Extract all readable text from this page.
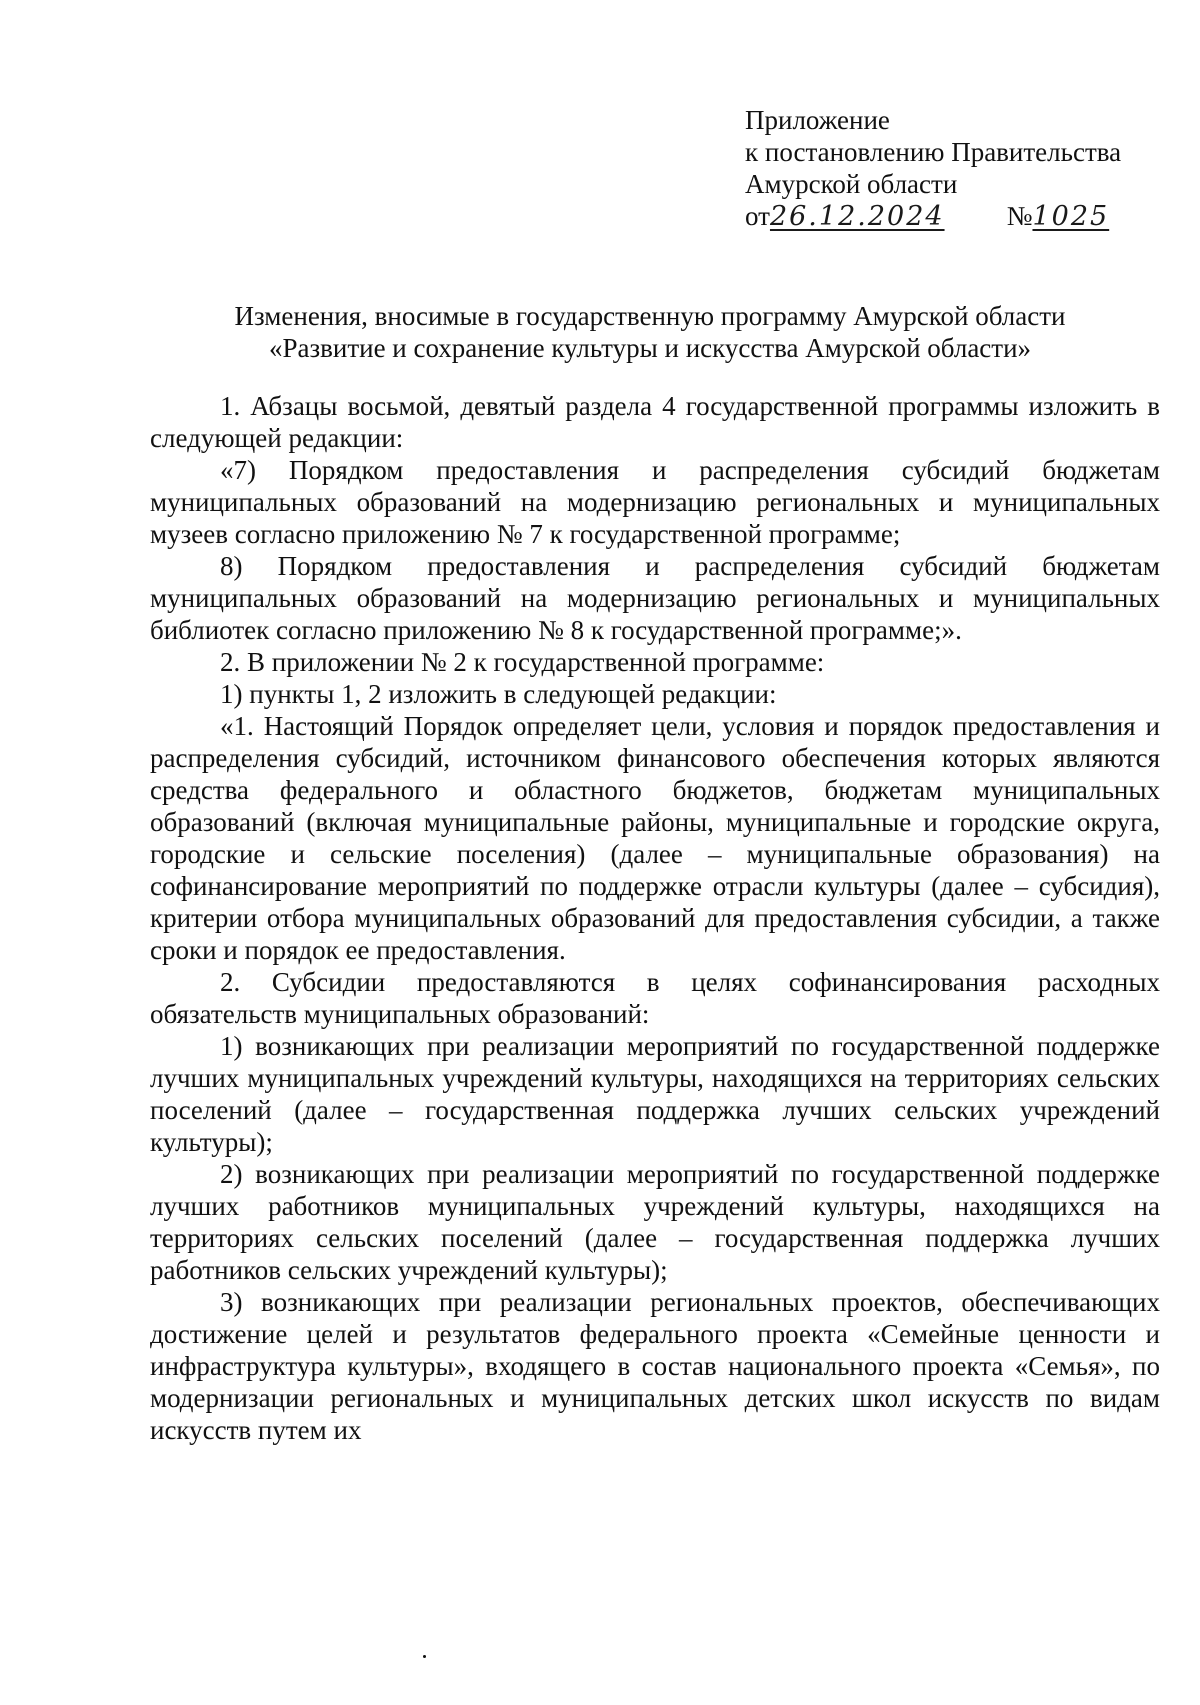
Приложение
к постановлению Правительства
Амурской области
от26.12.2024 №1025
Изменения, вносимые в государственную программу Амурской области
«Развитие и сохранение культуры и искусства Амурской области»

1. Абзацы восьмой, девятый раздела 4 государственной программы изложить в следующей редакции:

«7) Порядком предоставления и распределения субсидий бюджетам муниципальных образований на модернизацию региональных и муниципальных музеев согласно приложению № 7 к государственной программе;

8) Порядком предоставления и распределения субсидий бюджетам муниципальных образований на модернизацию региональных и муниципальных библиотек согласно приложению № 8 к государственной программе;».

2. В приложении № 2 к государственной программе:

1) пункты 1, 2 изложить в следующей редакции:

«1. Настоящий Порядок определяет цели, условия и порядок предоставления и распределения субсидий, источником финансового обеспечения которых являются средства федерального и областного бюджетов, бюджетам муниципальных образований (включая муниципальные районы, муниципальные и городские округа, городские и сельские поселения) (далее – муниципальные образования) на софинансирование мероприятий по поддержке отрасли культуры (далее – субсидия), критерии отбора муниципальных образований для предоставления субсидии, а также сроки и порядок ее предоставления.

2. Субсидии предоставляются в целях софинансирования расходных обязательств муниципальных образований:

1) возникающих при реализации мероприятий по государственной поддержке лучших муниципальных учреждений культуры, находящихся на территориях сельских поселений (далее – государственная поддержка лучших сельских учреждений культуры);

2) возникающих при реализации мероприятий по государственной поддержке лучших работников муниципальных учреждений культуры, находящихся на территориях сельских поселений (далее – государственная поддержка лучших работников сельских учреждений культуры);

3) возникающих при реализации региональных проектов, обеспечивающих достижение целей и результатов федерального проекта «Семейные ценности и инфраструктура культуры», входящего в состав национального проекта «Семья», по модернизации региональных и муниципальных детских школ искусств по видам искусств путем их
